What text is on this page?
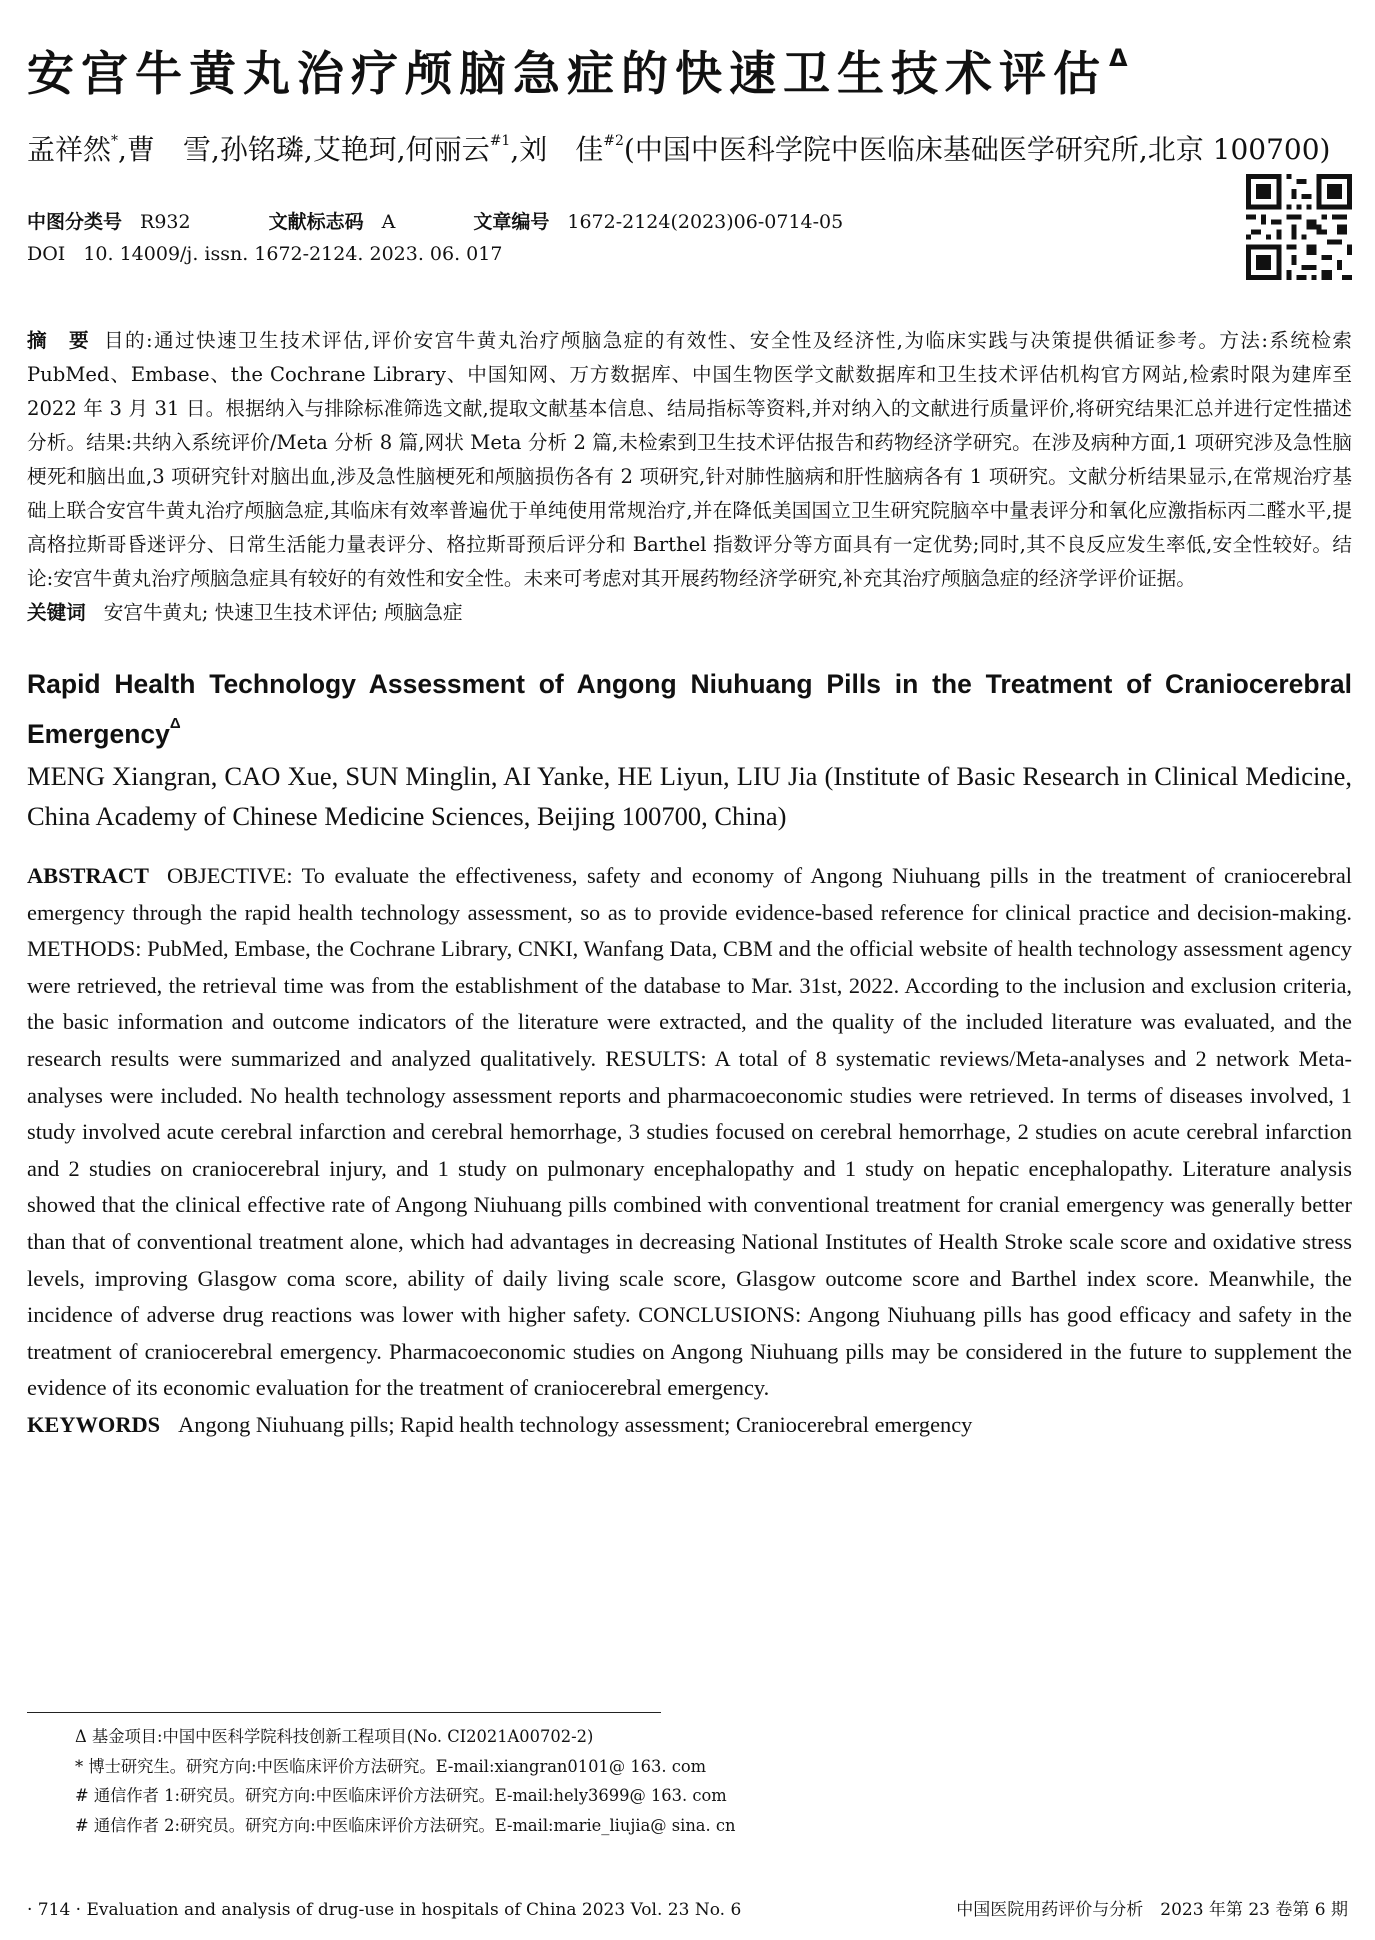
安宫牛黄丸治疗颅脑急症的快速卫生技术评估$^\Delta$
孟祥然*,曹　雪,孙铭璘,艾艳珂,何丽云$^{\#1}$,刘　佳$^{\#2}$(中国中医科学院中医临床基础医学研究所,北京 100700)
中图分类号 R932	文献标志码 A	文章编号 1672-2124(2023)06-0714-05
DOI 10. 14009/j. issn. 1672-2124. 2023. 06. 017
摘　要 目的:通过快速卫生技术评估,评价安宫牛黄丸治疗颅脑急症的有效性、安全性及经济性,为临床实践与决策提供循证参考。方法:系统检索 PubMed、Embase、the Cochrane Library、中国知网、万方数据库、中国生物医学文献数据库和卫生技术评估机构官方网站,检索时限为建库至 2022 年 3 月 31 日。根据纳入与排除标准筛选文献,提取文献基本信息、结局指标等资料,并对纳入的文献进行质量评价,将研究结果汇总并进行定性描述分析。结果:共纳入系统评价/Meta 分析 8 篇,网状 Meta 分析 2 篇,未检索到卫生技术评估报告和药物经济学研究。在涉及病种方面,1 项研究涉及急性脑梗死和脑出血,3 项研究针对脑出血,涉及急性脑梗死和颅脑损伤各有 2 项研究,针对肺性脑病和肝性脑病各有 1 项研究。文献分析结果显示,在常规治疗基础上联合安宫牛黄丸治疗颅脑急症,其临床有效率普遍优于单纯使用常规治疗,并在降低美国国立卫生研究院脑卒中量表评分和氧化应激指标丙二醛水平,提高格拉斯哥昏迷评分、日常生活能力量表评分、格拉斯哥预后评分和 Barthel 指数评分等方面具有一定优势;同时,其不良反应发生率低,安全性较好。结论:安宫牛黄丸治疗颅脑急症具有较好的有效性和安全性。未来可考虑对其开展药物经济学研究,补充其治疗颅脑急症的经济学评价证据。
关键词 安宫牛黄丸; 快速卫生技术评估; 颅脑急症
Rapid Health Technology Assessment of Angong Niuhuang Pills in the Treatment of Craniocerebral Emergency$^\Delta$
MENG Xiangran, CAO Xue, SUN Minglin, AI Yanke, HE Liyun, LIU Jia (Institute of Basic Research in Clinical Medicine, China Academy of Chinese Medicine Sciences, Beijing 100700, China)
ABSTRACT OBJECTIVE: To evaluate the effectiveness, safety and economy of Angong Niuhuang pills in the treatment of craniocerebral emergency through the rapid health technology assessment, so as to provide evidence-based reference for clinical practice and decision-making. METHODS: PubMed, Embase, the Cochrane Library, CNKI, Wanfang Data, CBM and the official website of health technology assessment agency were retrieved, the retrieval time was from the establishment of the database to Mar. 31st, 2022. According to the inclusion and exclusion criteria, the basic information and outcome indicators of the literature were extracted, and the quality of the included literature was evaluated, and the research results were summarized and analyzed qualitatively. RESULTS: A total of 8 systematic reviews/Meta-analyses and 2 network Meta-analyses were included. No health technology assessment reports and pharmacoeconomic studies were retrieved. In terms of diseases involved, 1 study involved acute cerebral infarction and cerebral hemorrhage, 3 studies focused on cerebral hemorrhage, 2 studies on acute cerebral infarction and 2 studies on craniocerebral injury, and 1 study on pulmonary encephalopathy and 1 study on hepatic encephalopathy. Literature analysis showed that the clinical effective rate of Angong Niuhuang pills combined with conventional treatment for cranial emergency was generally better than that of conventional treatment alone, which had advantages in decreasing National Institutes of Health Stroke scale score and oxidative stress levels, improving Glasgow coma score, ability of daily living scale score, Glasgow outcome score and Barthel index score. Meanwhile, the incidence of adverse drug reactions was lower with higher safety. CONCLUSIONS: Angong Niuhuang pills has good efficacy and safety in the treatment of craniocerebral emergency. Pharmacoeconomic studies on Angong Niuhuang pills may be considered in the future to supplement the evidence of its economic evaluation for the treatment of craniocerebral emergency.
KEYWORDS Angong Niuhuang pills; Rapid health technology assessment; Craniocerebral emergency
Δ 基金项目:中国中医科学院科技创新工程项目(No. CI2021A00702-2)
* 博士研究生。研究方向:中医临床评价方法研究。E-mail:xiangran0101@ 163. com
# 通信作者 1:研究员。研究方向:中医临床评价方法研究。E-mail:hely3699@ 163. com
# 通信作者 2:研究员。研究方向:中医临床评价方法研究。E-mail:marie_liujia@ sina. cn
· 714 · Evaluation and analysis of drug-use in hospitals of China 2023 Vol. 23 No. 6	中国医院用药评价与分析　2023 年第 23 卷第 6 期
